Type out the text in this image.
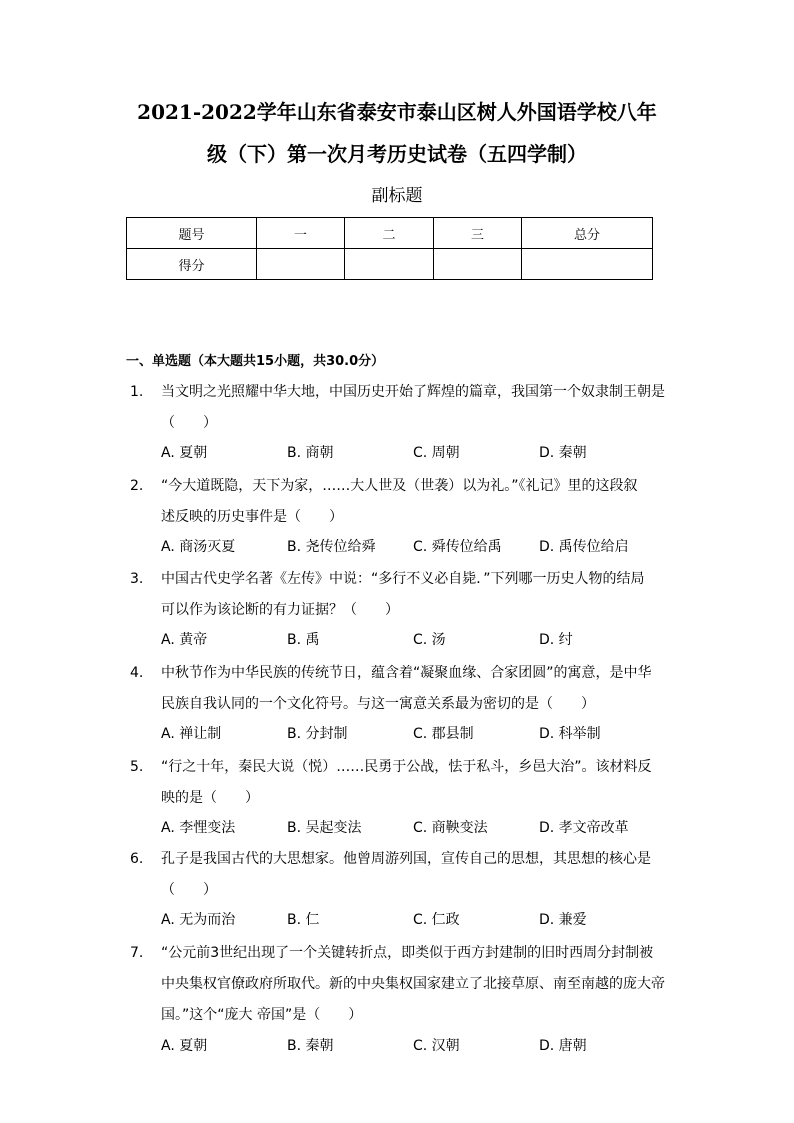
2021-2022学年山东省泰安市泰山区树人外国语学校八年
级（下）第一次月考历史试卷（五四学制）
副标题
题号	一	二	三	总分
得分				
一、单选题（本大题共15小题，共30.0分）
1. 当文明之光照耀中华大地，中国历史开始了辉煌的篇章，我国第一个奴隶制王朝是
（　　）
A. 夏朝	B. 商朝	C. 周朝	D. 秦朝
2. “今大道既隐，天下为家，……大人世及（世袭）以为礼。”《礼记》里的这段叙
述反映的历史事件是（　　）
A. 商汤灭夏	B. 尧传位给舜	C. 舜传位给禹	D. 禹传位给启
3. 中国古代史学名著《左传》中说：“多行不义必自毙．”下列哪一历史人物的结局
可以作为该论断的有力证据？（　　）
A. 黄帝	B. 禹	C. 汤	D. 纣
4. 中秋节作为中华民族的传统节日，蕴含着“凝聚血缘、合家团圆”的寓意，是中华
民族自我认同的一个文化符号。与这一寓意关系最为密切的是（　　）
A. 禅让制	B. 分封制	C. 郡县制	D. 科举制
5. “行之十年，秦民大说（悦）……民勇于公战，怯于私斗，乡邑大治”。该材料反
映的是（　　）
A. 李悝变法	B. 吴起变法	C. 商鞅变法	D. 孝文帝改革
6. 孔子是我国古代的大思想家。他曾周游列国，宣传自己的思想，其思想的核心是
（　　）
A. 无为而治	B. 仁	C. 仁政	D. 兼爱
7. “公元前3世纪出现了一个关键转折点，即类似于西方封建制的旧时西周分封制被
中央集权官僚政府所取代。新的中央集权国家建立了北接草原、南至南越的庞大帝
国。”这个“庞大 帝国”是（　　）
A. 夏朝	B. 秦朝	C. 汉朝	D. 唐朝
